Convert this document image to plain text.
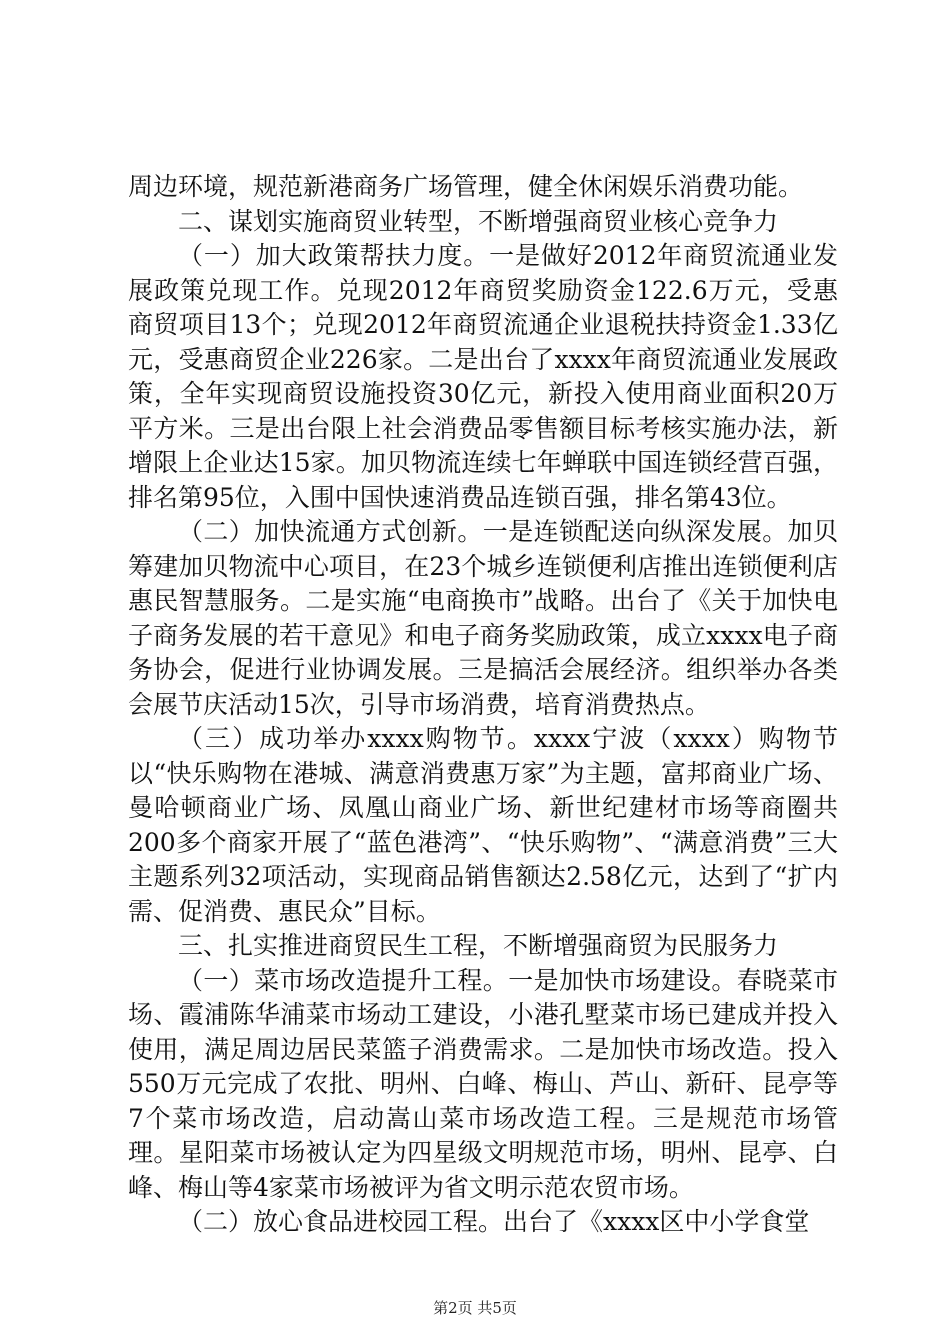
周边环境，规范新港商务广场管理，健全休闲娱乐消费功能。

二、谋划实施商贸业转型，不断增强商贸业核心竞争力

（一）加大政策帮扶力度。一是做好2012年商贸流通业发展政策兑现工作。兑现2012年商贸奖励资金122.6万元，受惠商贸项目13个；兑现2012年商贸流通企业退税扶持资金1.33亿元，受惠商贸企业226家。二是出台了xxxx年商贸流通业发展政策，全年实现商贸设施投资30亿元，新投入使用商业面积20万平方米。三是出台限上社会消费品零售额目标考核实施办法，新增限上企业达15家。加贝物流连续七年蝉联中国连锁经营百强，排名第95位，入围中国快速消费品连锁百强，排名第43位。

（二）加快流通方式创新。一是连锁配送向纵深发展。加贝筹建加贝物流中心项目，在23个城乡连锁便利店推出连锁便利店惠民智慧服务。二是实施“电商换市”战略。出台了《关于加快电子商务发展的若干意见》和电子商务奖励政策，成立xxxx电子商务协会，促进行业协调发展。三是搞活会展经济。组织举办各类会展节庆活动15次，引导市场消费，培育消费热点。

（三）成功举办xxxx购物节。xxxx宁波（xxxx）购物节以“快乐购物在港城、满意消费惠万家”为主题，富邦商业广场、曼哈顿商业广场、凤凰山商业广场、新世纪建材市场等商圈共200多个商家开展了“蓝色港湾”、“快乐购物”、“满意消费”三大主题系列32项活动，实现商品销售额达2.58亿元，达到了“扩内需、促消费、惠民众”目标。

三、扎实推进商贸民生工程，不断增强商贸为民服务力

（一）菜市场改造提升工程。一是加快市场建设。春晓菜市场、霞浦陈华浦菜市场动工建设，小港孔墅菜市场已建成并投入使用，满足周边居民菜篮子消费需求。二是加快市场改造。投入550万元完成了农批、明州、白峰、梅山、芦山、新矸、昆亭等7个菜市场改造，启动嵩山菜市场改造工程。三是规范市场管理。星阳菜市场被认定为四星级文明规范市场，明州、昆亭、白峰、梅山等4家菜市场被评为省文明示范农贸市场。

（二）放心食品进校园工程。出台了《xxxx区中小学食堂

第2页 共5页
